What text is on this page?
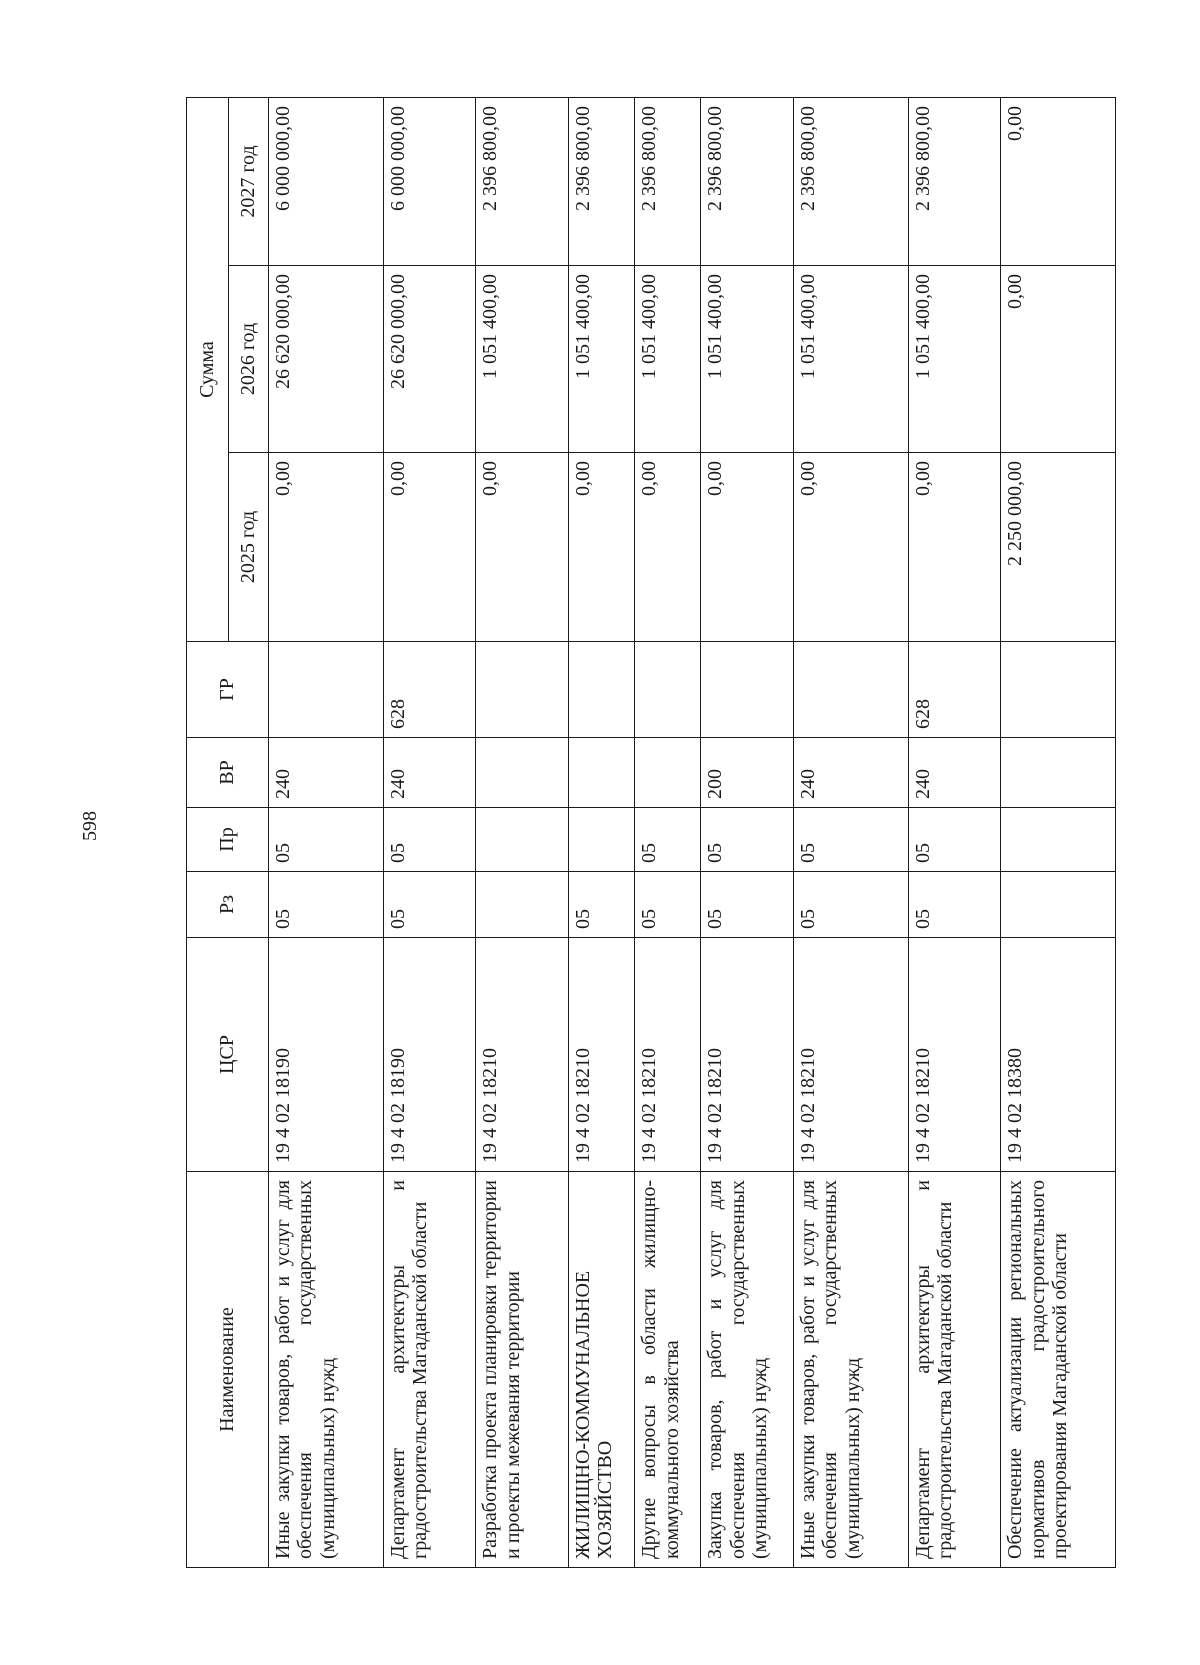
598
Наименование	ЦСР	Рз	Пр	ВР	ГР	Сумма		
						2025 год	2026 год	2027 год
Иные закупки товаров, работ и услуг для обеспечения государственных (муниципальных) нужд	19 4 02 18190	05	05	240		0,00	26 620 000,00	6 000 000,00
Департамент архитектуры и градостроительства Магаданской области	19 4 02 18190	05	05	240	628	0,00	26 620 000,00	6 000 000,00
Разработка проекта планировки территории и проекты межевания территории	19 4 02 18210					0,00	1 051 400,00	2 396 800,00
ЖИЛИЩНО-КОММУНАЛЬНОЕ ХОЗЯЙСТВО	19 4 02 18210	05				0,00	1 051 400,00	2 396 800,00
Другие вопросы в области жилищно-коммунального хозяйства	19 4 02 18210	05	05			0,00	1 051 400,00	2 396 800,00
Закупка товаров, работ и услуг для обеспечения государственных (муниципальных) нужд	19 4 02 18210	05	05	200		0,00	1 051 400,00	2 396 800,00
Иные закупки товаров, работ и услуг для обеспечения государственных (муниципальных) нужд	19 4 02 18210	05	05	240		0,00	1 051 400,00	2 396 800,00
Департамент архитектуры и градостроительства Магаданской области	19 4 02 18210	05	05	240	628	0,00	1 051 400,00	2 396 800,00
Обеспечение актуализации региональных нормативов градостроительного проектирования Магаданской области	19 4 02 18380					2 250 000,00	0,00	0,00
